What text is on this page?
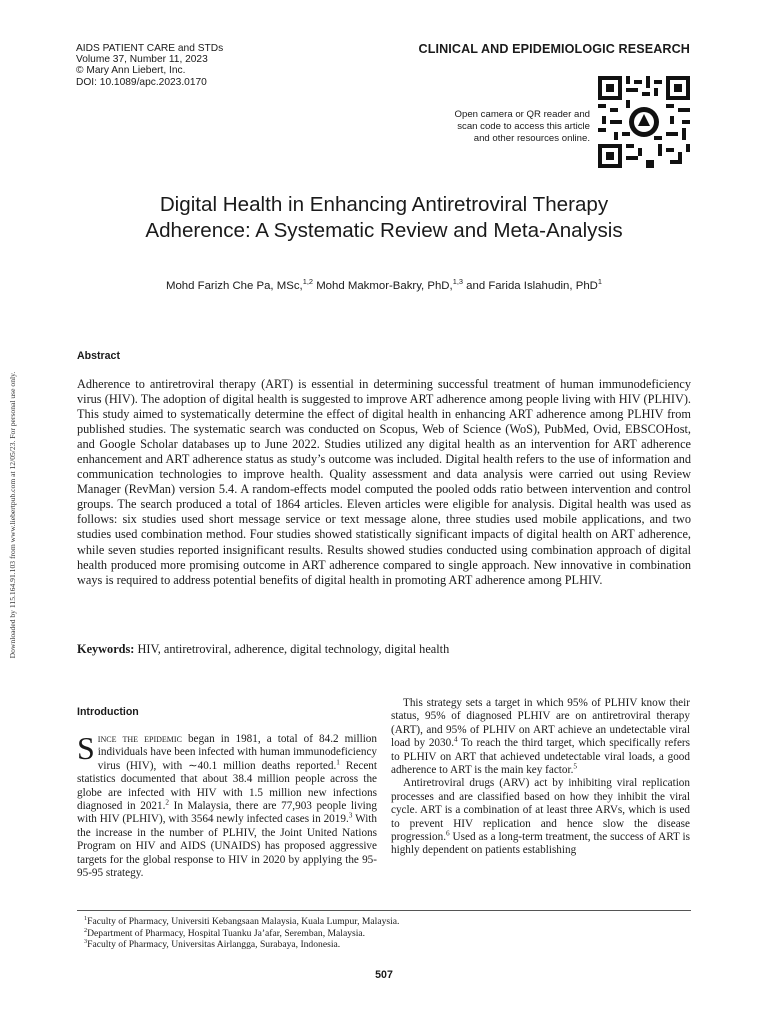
AIDS PATIENT CARE and STDs
Volume 37, Number 11, 2023
© Mary Ann Liebert, Inc.
DOI: 10.1089/apc.2023.0170
CLINICAL AND EPIDEMIOLOGIC RESEARCH
Open camera or QR reader and
scan code to access this article
and other resources online.
Downloaded by 115.164.91.103 from www.liebertpub.com at 12/05/23. For personal use only.
Digital Health in Enhancing Antiretroviral Therapy
Adherence: A Systematic Review and Meta-Analysis
Mohd Farizh Che Pa, MSc,$^{1,2}$ Mohd Makmor-Bakry, PhD,$^{1,3}$ and Farida Islahudin, PhD$^1$
Abstract
Adherence to antiretroviral therapy (ART) is essential in determining successful treatment of human immunodeficiency virus (HIV). The adoption of digital health is suggested to improve ART adherence among people living with HIV (PLHIV). This study aimed to systematically determine the effect of digital health in enhancing ART adherence among PLHIV from published studies. The systematic search was conducted on Scopus, Web of Science (WoS), PubMed, Ovid, EBSCOHost, and Google Scholar databases up to June 2022. Studies utilized any digital health as an intervention for ART adherence enhancement and ART adherence status as study’s outcome was included. Digital health refers to the use of information and communication technologies to improve health. Quality assessment and data analysis were carried out using Review Manager (RevMan) version 5.4. A random-effects model computed the pooled odds ratio between intervention and control groups. The search produced a total of 1864 articles. Eleven articles were eligible for analysis. Digital health was used as follows: six studies used short message service or text message alone, three studies used mobile applications, and two studies used combination method. Four studies showed statistically significant impacts of digital health on ART adherence, while seven studies reported insignificant results. Results showed studies conducted using combination approach of digital health produced more promising outcome in ART adherence compared to single approach. New innovative in combination ways is required to address potential benefits of digital health in promoting ART adherence among PLHIV.
Keywords: HIV, antiretroviral, adherence, digital technology, digital health
Introduction

Since the epidemic began in 1981, a total of 84.2 million individuals have been infected with human immunodeficiency virus (HIV), with ∼40.1 million deaths reported.$^1$ Recent statistics documented that about 38.4 million people across the globe are infected with HIV with 1.5 million new infections diagnosed in 2021.$^2$ In Malaysia, there are 77,903 people living with HIV (PLHIV), with 3564 newly infected cases in 2019.$^3$ With the increase in the number of PLHIV, the Joint United Nations Program on HIV and AIDS (UNAIDS) has proposed aggressive targets for the global response to HIV in 2020 by applying the 95-95-95 strategy.

This strategy sets a target in which 95% of PLHIV know their status, 95% of diagnosed PLHIV are on antiretroviral therapy (ART), and 95% of PLHIV on ART achieve an undetectable viral load by 2030.$^4$ To reach the third target, which specifically refers to PLHIV on ART that achieved undetectable viral loads, a good adherence to ART is the main key factor.$^5$

Antiretroviral drugs (ARV) act by inhibiting viral replication processes and are classified based on how they inhibit the viral cycle. ART is a combination of at least three ARVs, which is used to prevent HIV replication and hence slow the disease progression.$^6$ Used as a long-term treatment, the success of ART is highly dependent on patients establishing

$^1$Faculty of Pharmacy, Universiti Kebangsaan Malaysia, Kuala Lumpur, Malaysia.
$^2$Department of Pharmacy, Hospital Tuanku Ja’afar, Seremban, Malaysia.
$^3$Faculty of Pharmacy, Universitas Airlangga, Surabaya, Indonesia.
507
